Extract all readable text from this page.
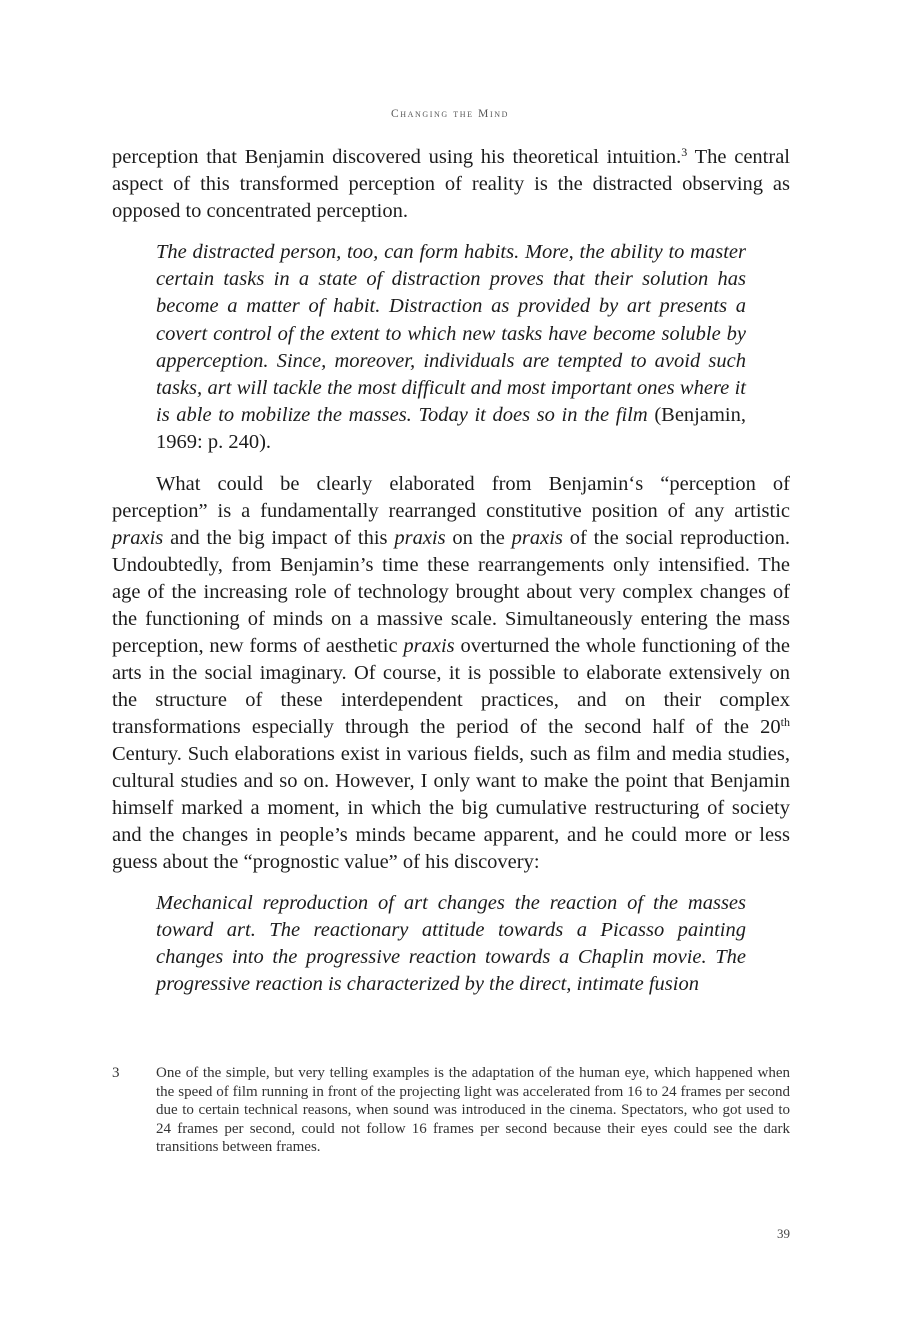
Changing the Mind

perception that Benjamin discovered using his theoretical intuition.$^3$ The central aspect of this transformed perception of reality is the distracted observing as opposed to concentrated perception.

The distracted person, too, can form habits. More, the ability to master certain tasks in a state of distraction proves that their solution has become a matter of habit. Distraction as provided by art presents a covert control of the extent to which new tasks have become soluble by apperception. Since, moreover, individuals are tempted to avoid such tasks, art will tackle the most difficult and most important ones where it is able to mobilize the masses. Today it does so in the film (Benjamin, 1969: p. 240).

What could be clearly elaborated from Benjamin‘s “perception of perception” is a fundamentally rearranged constitutive position of any artistic praxis and the big impact of this praxis on the praxis of the social reproduction. Undoubtedly, from Benjamin’s time these rearrangements only intensified. The age of the increasing role of technology brought about very complex changes of the functioning of minds on a massive scale. Simultaneously entering the mass perception, new forms of aesthetic praxis overturned the whole functioning of the arts in the social imaginary. Of course, it is possible to elaborate extensively on the structure of these interdependent practices, and on their complex transformations especially through the period of the second half of the 20th Century. Such elaborations exist in various fields, such as film and media studies, cultural studies and so on. However, I only want to make the point that Benjamin himself marked a moment, in which the big cumulative restructuring of society and the changes in people’s minds became apparent, and he could more or less guess about the “prognostic value” of his discovery:

Mechanical reproduction of art changes the reaction of the masses toward art. The reactionary attitude towards a Picasso painting changes into the progressive reaction towards a Chaplin movie. The progressive reaction is characterized by the direct, intimate fusion

3 One of the simple, but very telling examples is the adaptation of the human eye, which happened when the speed of film running in front of the projecting light was accelerated from 16 to 24 frames per second due to certain technical reasons, when sound was introduced in the cinema. Spectators, who got used to 24 frames per second, could not follow 16 frames per second because their eyes could see the dark transitions between frames.
39
